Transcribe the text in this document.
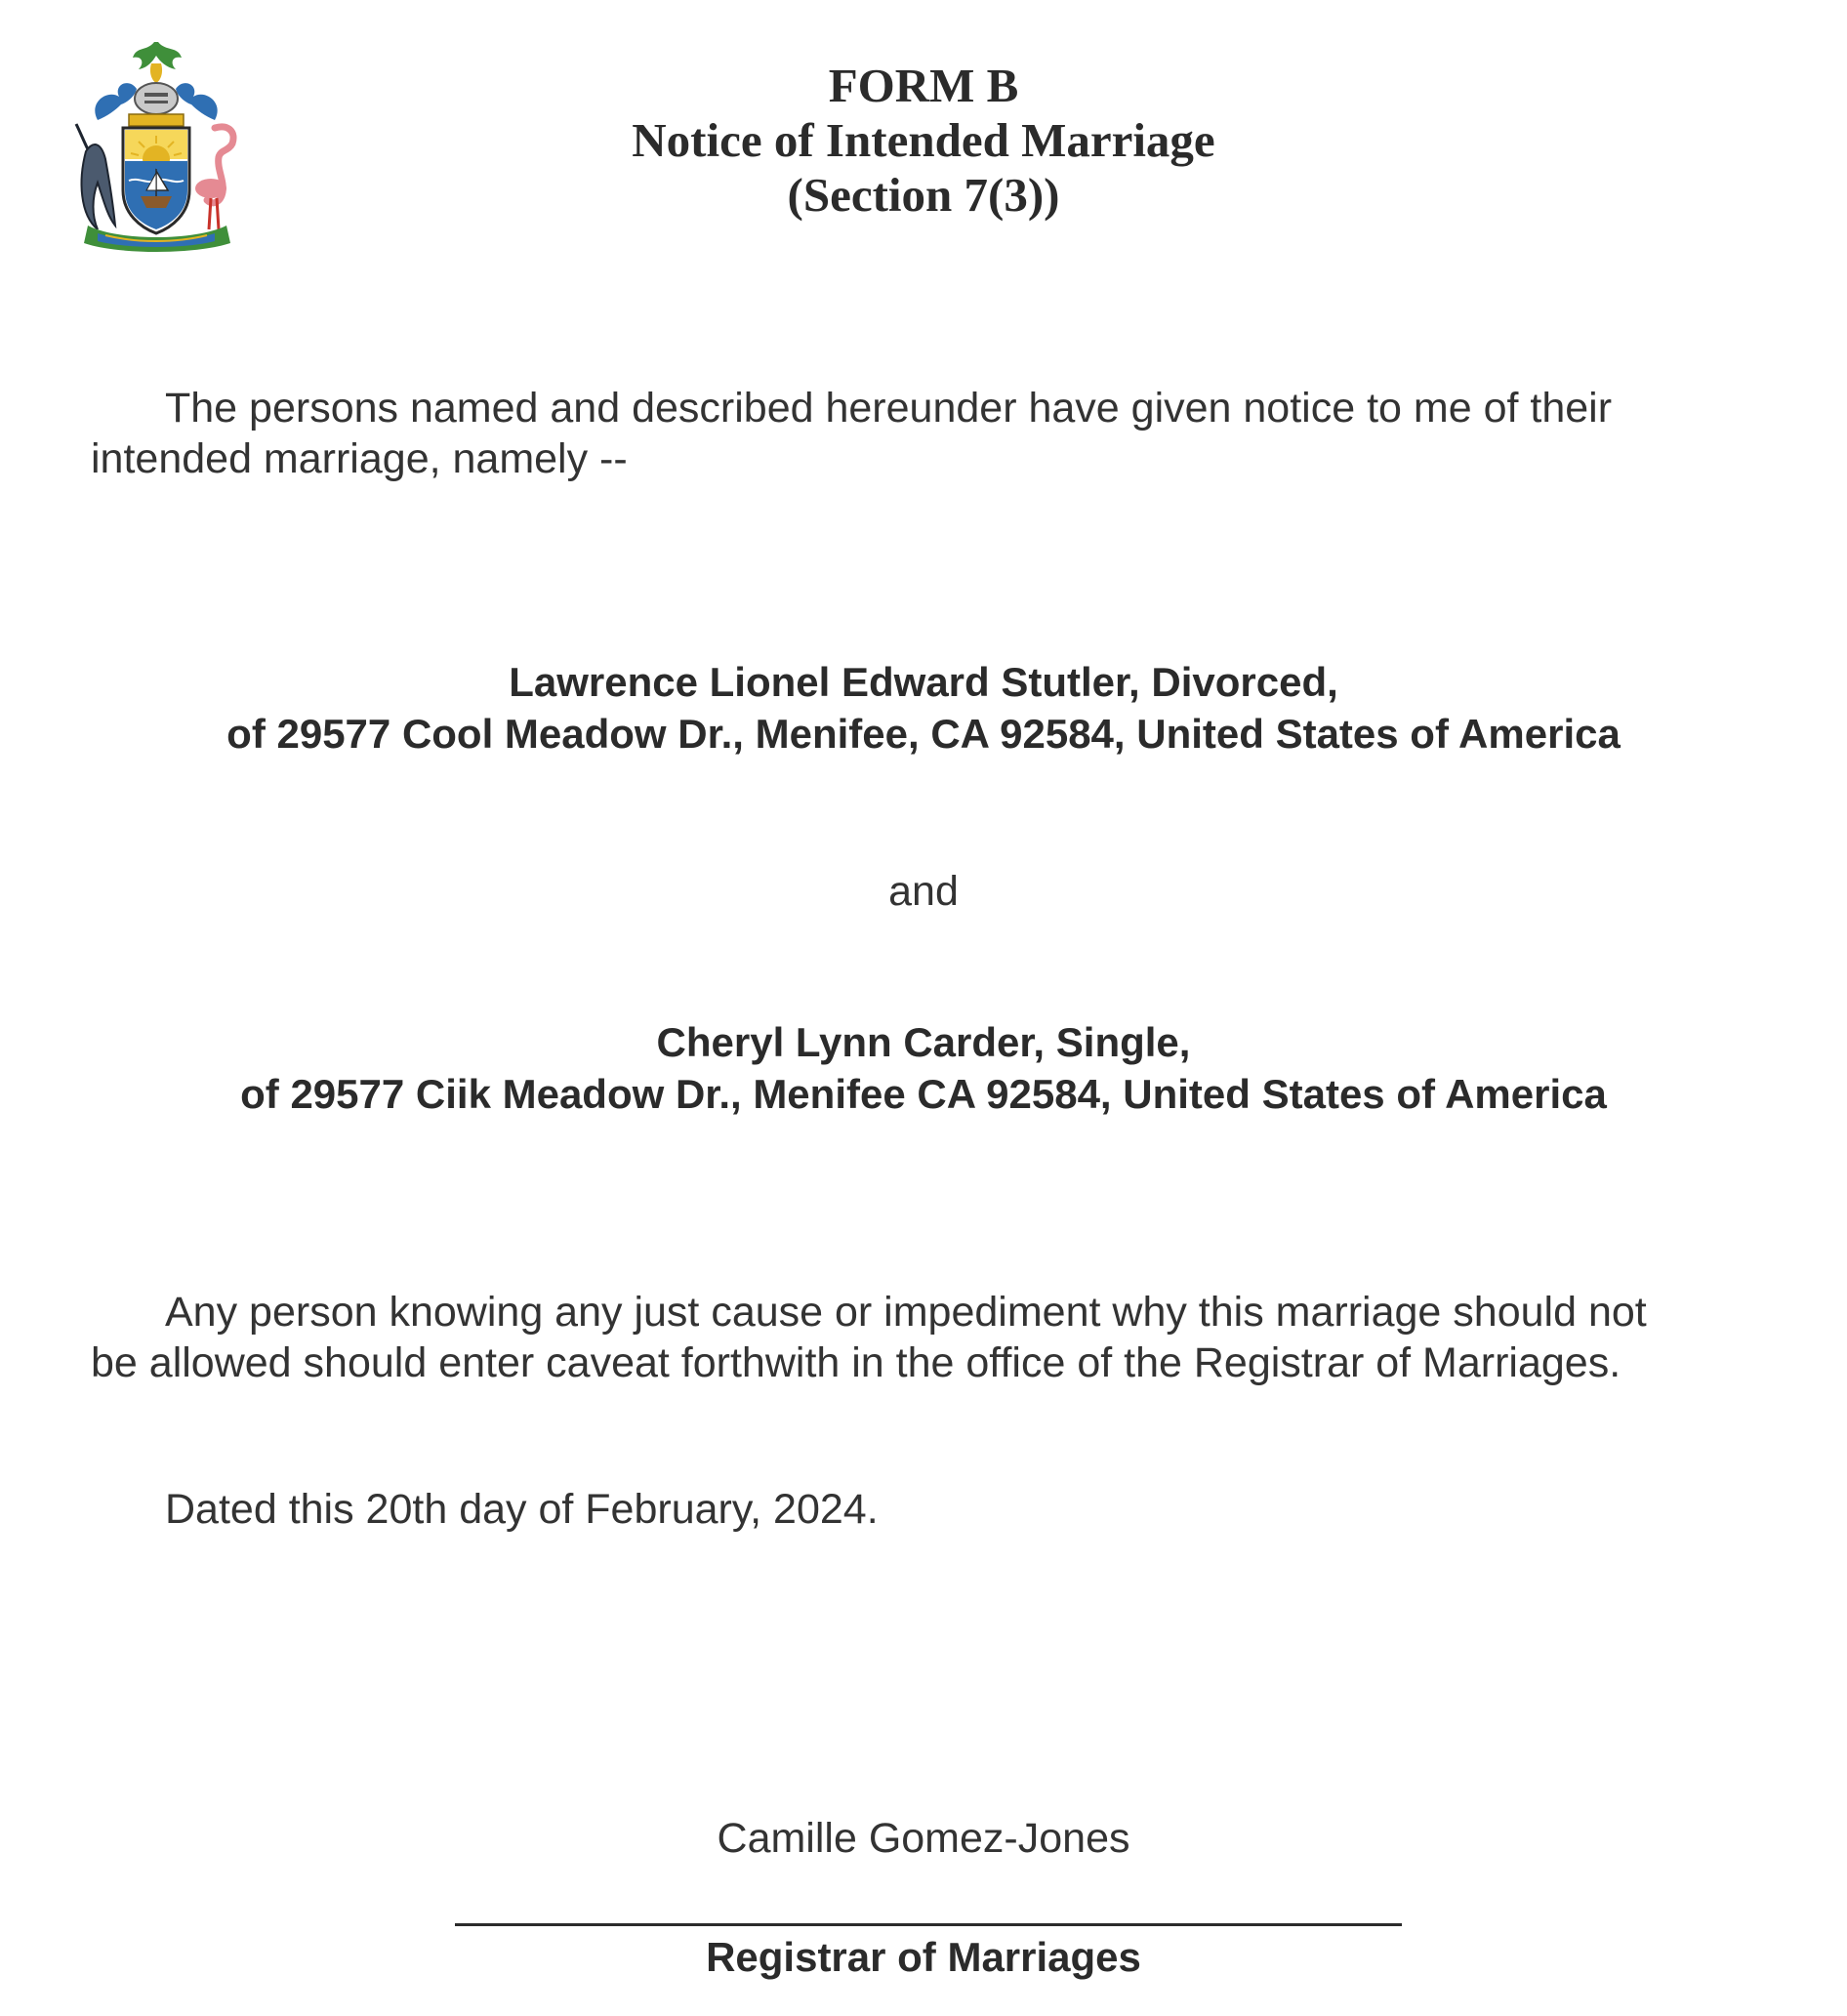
FORM B
Notice of Intended Marriage
(Section 7(3))
The persons named and described hereunder have given notice to me of their
intended marriage, namely --
Lawrence Lionel Edward Stutler, Divorced,
of 29577 Cool Meadow Dr., Menifee, CA 92584, United States of America
and
Cheryl Lynn Carder, Single,
of 29577 Ciik Meadow Dr., Menifee CA 92584, United States of America
Any person knowing any just cause or impediment why this marriage should not
be allowed should enter caveat forthwith in the office of the Registrar of Marriages.
Dated this 20th day of February, 2024.
Camille Gomez-Jones
Registrar of Marriages
